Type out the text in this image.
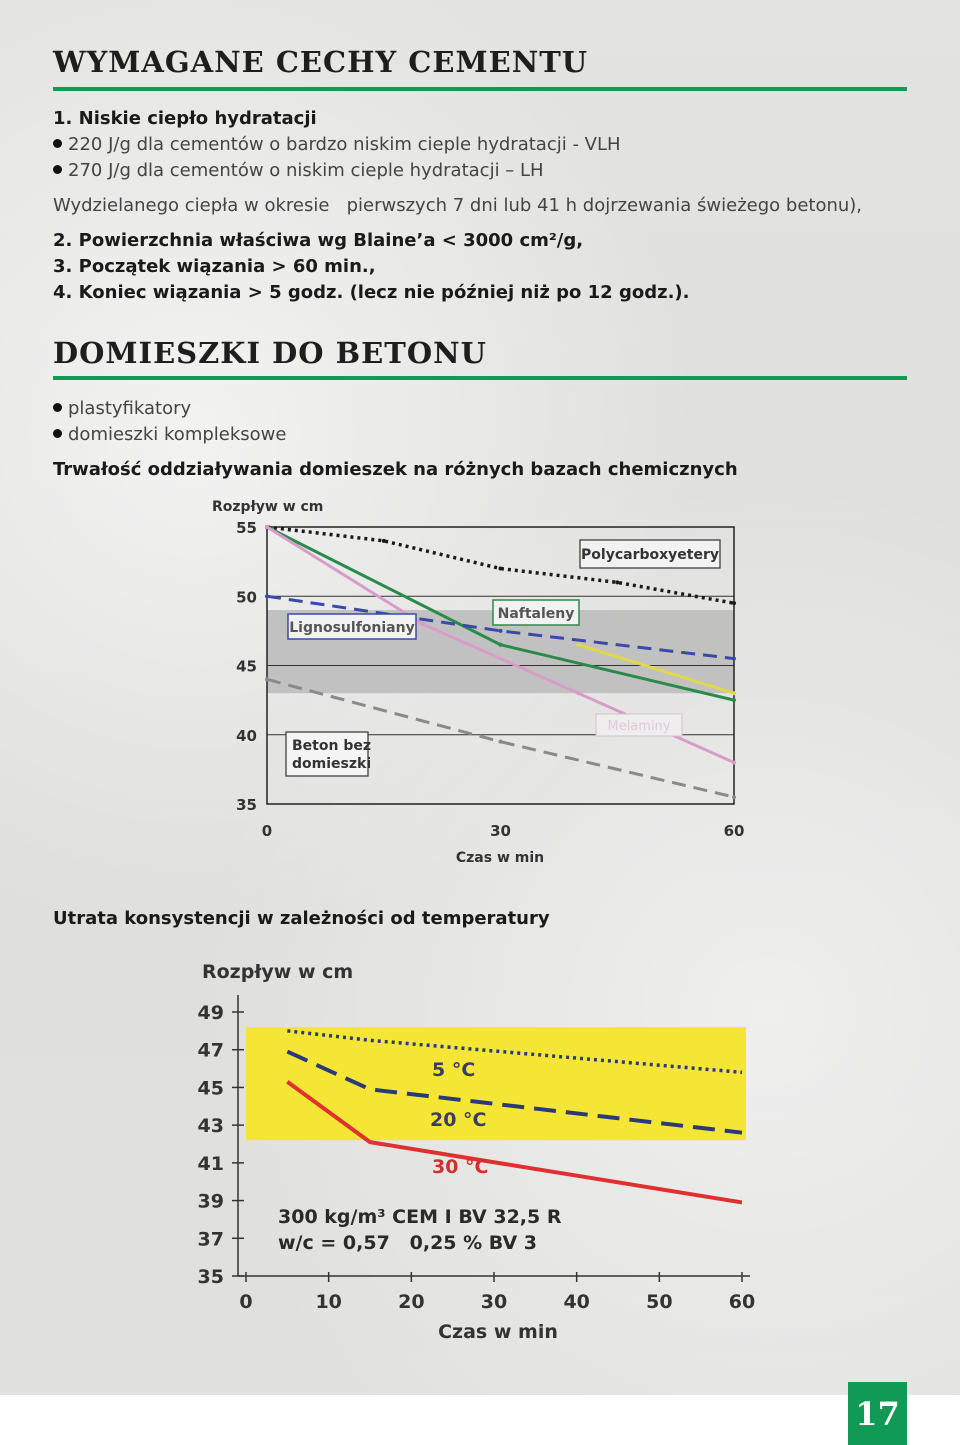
WYMAGANE CECHY CEMENTU
1. Niskie ciepło hydratacji
220 J/g dla cementów o bardzo niskim cieple hydratacji - VLH
270 J/g dla cementów o niskim cieple hydratacji – LH
Wydzielanego ciepła w okresie   pierwszych 7 dni lub 41 h dojrzewania świeżego betonu),
2. Powierzchnia właściwa wg Blaine’a < 3000 cm²/g,
3. Początek wiązania > 60 min.,
4. Koniec wiązania > 5 godz. (lecz nie później niż po 12 godz.).
DOMIESZKI DO BETONU
plastyfikatory
domieszki kompleksowe
Trwałość oddziaływania domieszek na różnych bazach chemicznych
Rozpływ w cm
35
40
45
50
55
0	30	60
Czas w min
Polycarboxyetery
Naftaleny
Lignosulfoniany
Melaminy
Beton bez
domieszki
Rozpływ w cm
35
37
39
41
43
45
47
49
0	10	20	30	40	50	60
5 °C
20 °C
30 °C
300 kg/m³ CEM I BV 32,5 R
w/c = 0,57   0,25 % BV 3
Czas w min
Utrata konsystencji w zależności od temperatury
17
